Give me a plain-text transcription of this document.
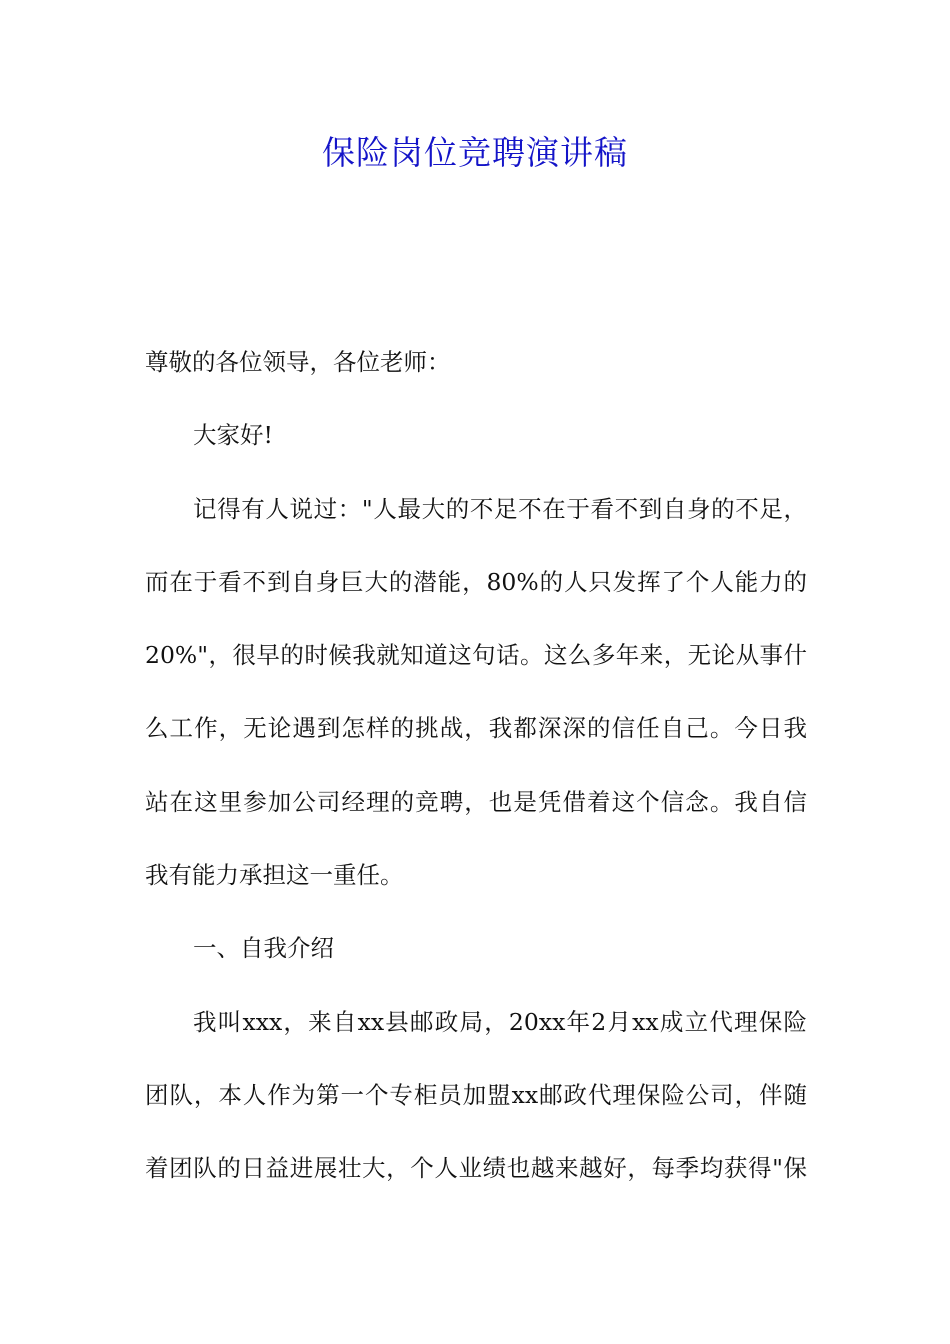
保险岗位竞聘演讲稿
尊敬的各位领导，各位老师：
大家好!
记得有人说过："人最大的不足不在于看不到自身的不足，
而在于看不到自身巨大的潜能，80%的人只发挥了个人能力的
20%"，很早的时候我就知道这句话。这么多年来，无论从事什
么工作，无论遇到怎样的挑战，我都深深的信任自己。今日我
站在这里参加公司经理的竞聘，也是凭借着这个信念。我自信
我有能力承担这一重任。
一、自我介绍
我叫xxx，来自xx县邮政局，20xx年2月xx成立代理保险
团队，本人作为第一个专柜员加盟xx邮政代理保险公司，伴随
着团队的日益进展壮大，个人业绩也越来越好，每季均获得"保
